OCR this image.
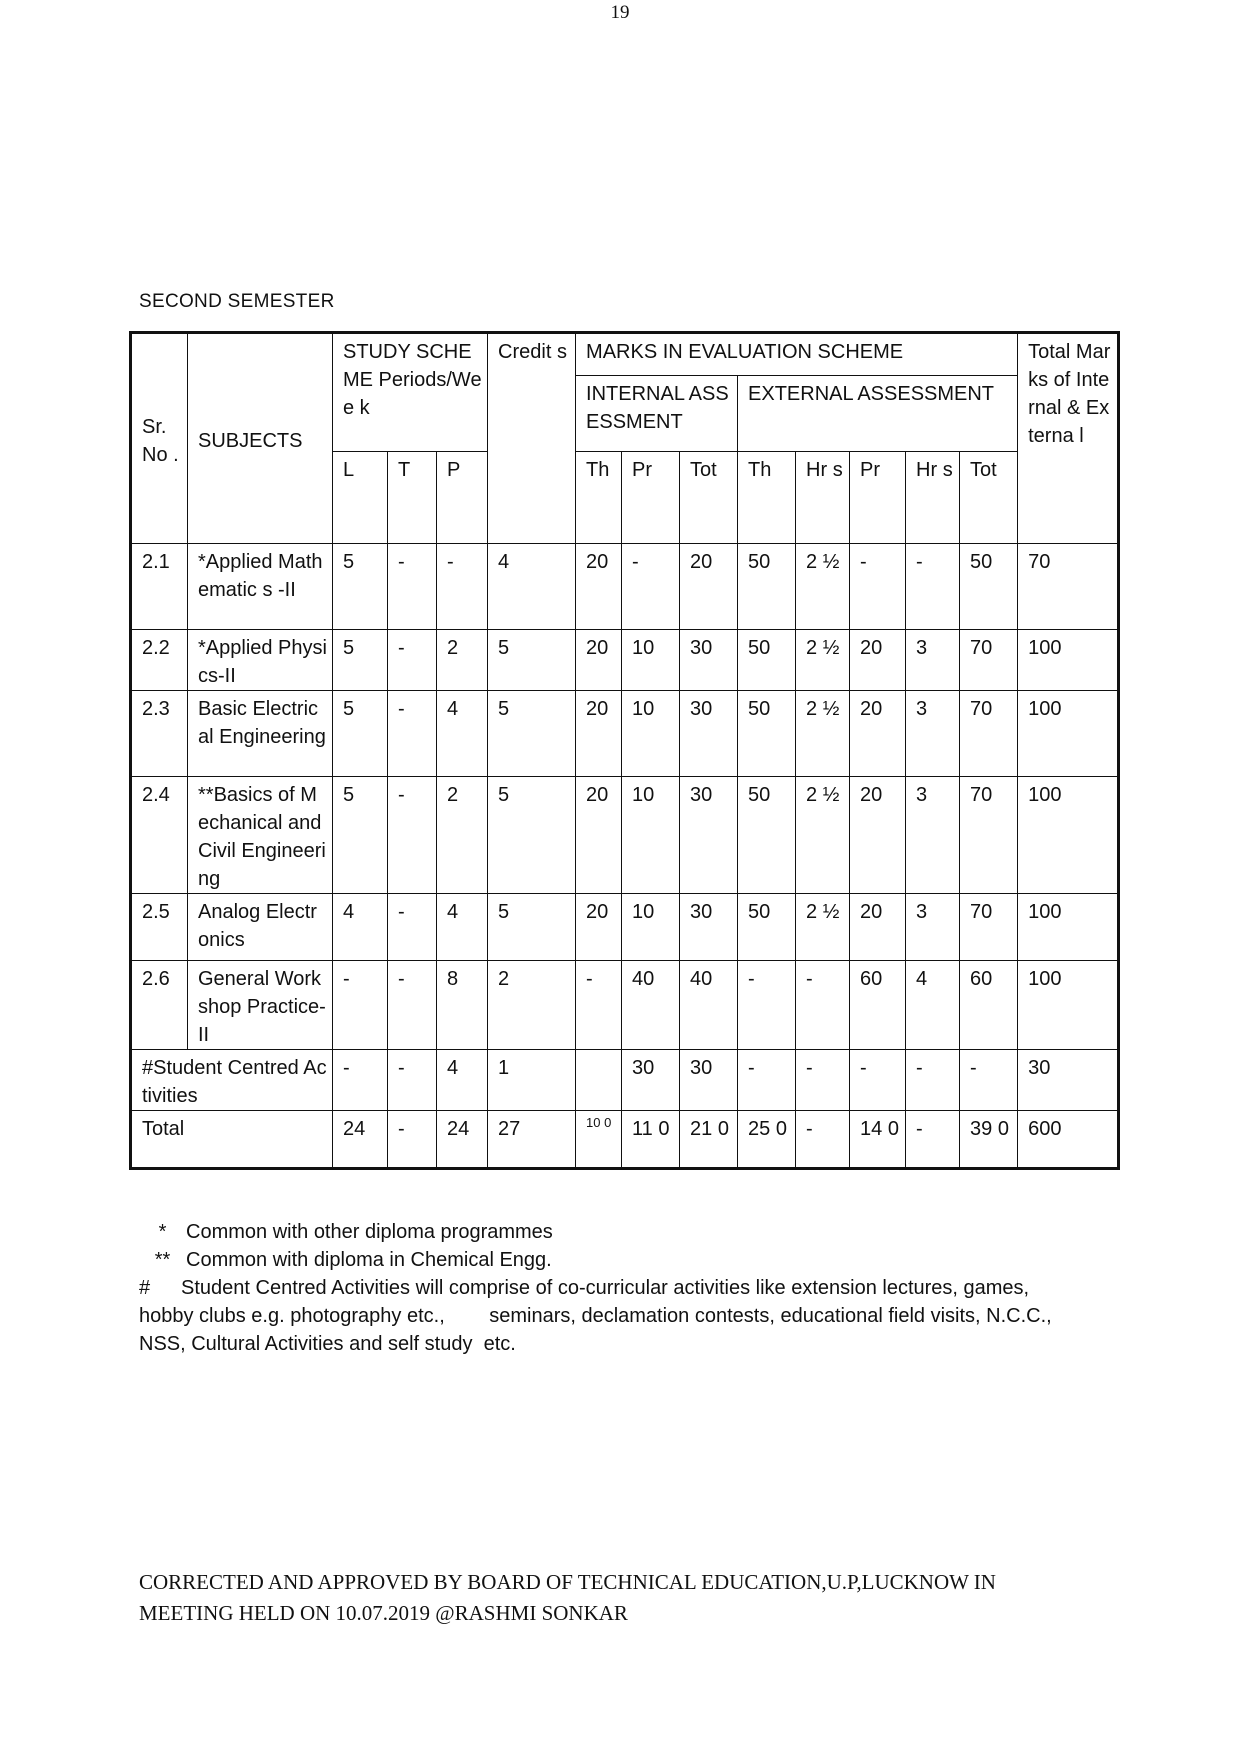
19
SECOND SEMESTER
Sr. No .	SUBJECTS	STUDY SCHEME Periods/Wee k			Credit s	MARKS IN EVALUATION SCHEME								Total Marks of Internal & Externa l
						INTERNAL ASSESSMENT			EXTERNAL ASSESSMENT					
		L	T	P		Th	Pr	Tot	Th	Hr s	Pr	Hr s	Tot	
2.1	*Applied Mathematic s -II	5	-	-	4	20	-	20	50	2 ½	-	-	50	70
2.2	*Applied Physics-II	5	-	2	5	20	10	30	50	2 ½	20	3	70	100
2.3	Basic Electrical Engineering	5	-	4	5	20	10	30	50	2 ½	20	3	70	100
2.4	**Basics of Mechanical and Civil Engineering	5	-	2	5	20	10	30	50	2 ½	20	3	70	100
2.5	Analog Electronics	4	-	4	5	20	10	30	50	2 ½	20	3	70	100
2.6	General Workshop Practice-II	-	-	8	2	-	40	40	-	-	60	4	60	100
#Student Centred Activities		-	-	4	1		30	30	-	-	-	-	-	30
Total		24	-	24	27	10 0	11 0	21 0	25 0	-	14 0	-	39 0	600
* Common with other diploma programmes
** Common with diploma in Chemical Engg.
# Student Centred Activities will comprise of co-curricular activities like extension lectures, games,
hobby clubs e.g. photography etc.,        seminars, declamation contests, educational field visits, N.C.C.,
NSS, Cultural Activities and self study  etc.
CORRECTED AND APPROVED BY BOARD OF TECHNICAL EDUCATION,U.P,LUCKNOW IN
MEETING HELD ON 10.07.2019 @RASHMI SONKAR
